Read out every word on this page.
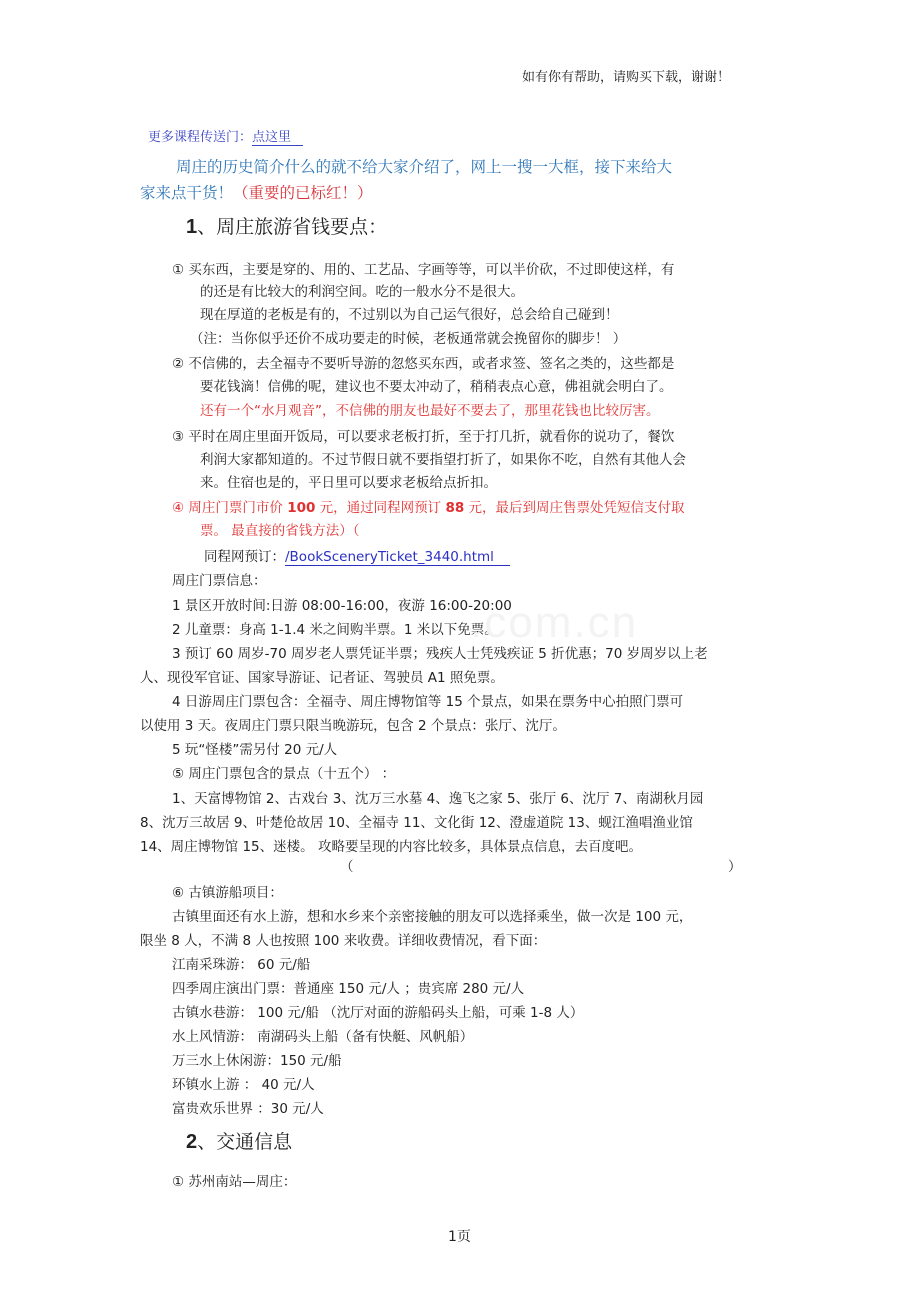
如有你有帮助，请购买下载，谢谢！
更多课程传送门：点这里
周庄的历史简介什么的就不给大家介绍了，网上一搜一大框，接下来给大
家来点干货！（重要的已标红！）
1、周庄旅游省钱要点：
① 买东西，主要是穿的、用的、工艺品、字画等等，可以半价砍，不过即使这样，有
的还是有比较大的利润空间。吃的一般水分不是很大。
现在厚道的老板是有的，不过别以为自己运气很好，总会给自己碰到！
（注：当你似乎还价不成功要走的时候，老板通常就会挽留你的脚步！ ）
② 不信佛的，去全福寺不要听导游的忽悠买东西，或者求签、签名之类的，这些都是
要花钱滴！信佛的呢，建议也不要太冲动了，稍稍表点心意，佛祖就会明白了。
还有一个“水月观音”，不信佛的朋友也最好不要去了，那里花钱也比较厉害。
③ 平时在周庄里面开饭局，可以要求老板打折，至于打几折，就看你的说功了，餐饮
利润大家都知道的。不过节假日就不要指望打折了，如果你不吃，自然有其他人会
来。住宿也是的，平日里可以要求老板给点折扣。
④ 周庄门票门市价 100 元，通过同程网预订 88 元，最后到周庄售票处凭短信支付取
票。 最直接的省钱方法）（
同程网预订：/BookSceneryTicket_3440.html
周庄门票信息：
1 景区开放时间:日游 08:00-16:00，夜游 16:00-20:00
2 儿童票：身高 1-1.4 米之间购半票。1 米以下免票。
3 预订 60 周岁-70 周岁老人票凭证半票；残疾人士凭残疾证 5 折优惠；70 岁周岁以上老
人、现役军官证、国家导游证、记者证、驾驶员 A1 照免票。
4 日游周庄门票包含：全福寺、周庄博物馆等 15 个景点，如果在票务中心拍照门票可
以使用 3 天。夜周庄门票只限当晚游玩，包含 2 个景点：张厅、沈厅。
5 玩“怪楼”需另付 20 元/人
.com.cn
⑤ 周庄门票包含的景点（十五个） ：
1、天富博物馆 2、古戏台 3、沈万三水墓 4、逸飞之家 5、张厅 6、沈厅 7、南湖秋月园
8、沈万三故居 9、叶楚伧故居 10、全福寺 11、文化街 12、澄虚道院 13、蚬江渔唱渔业馆
14、周庄博物馆 15、迷楼。 攻略要呈现的内容比较多，具体景点信息，去百度吧。
（	）
⑥ 古镇游船项目：
古镇里面还有水上游，想和水乡来个亲密接触的朋友可以选择乘坐，做一次是 100 元，
限坐 8 人，不满 8 人也按照 100 来收费。详细收费情况，看下面：
江南采珠游： 60 元/船
四季周庄演出门票：普通座 150 元/人 ；贵宾席 280 元/人
古镇水巷游： 100 元/船 （沈厅对面的游船码头上船，可乘 1-8 人）
水上风情游： 南湖码头上船（备有快艇、风帆船）
万三水上休闲游：150 元/船
环镇水上游 ： 40 元/人
富贵欢乐世界 ：30 元/人
2、交通信息
① 苏州南站—周庄：
1页
